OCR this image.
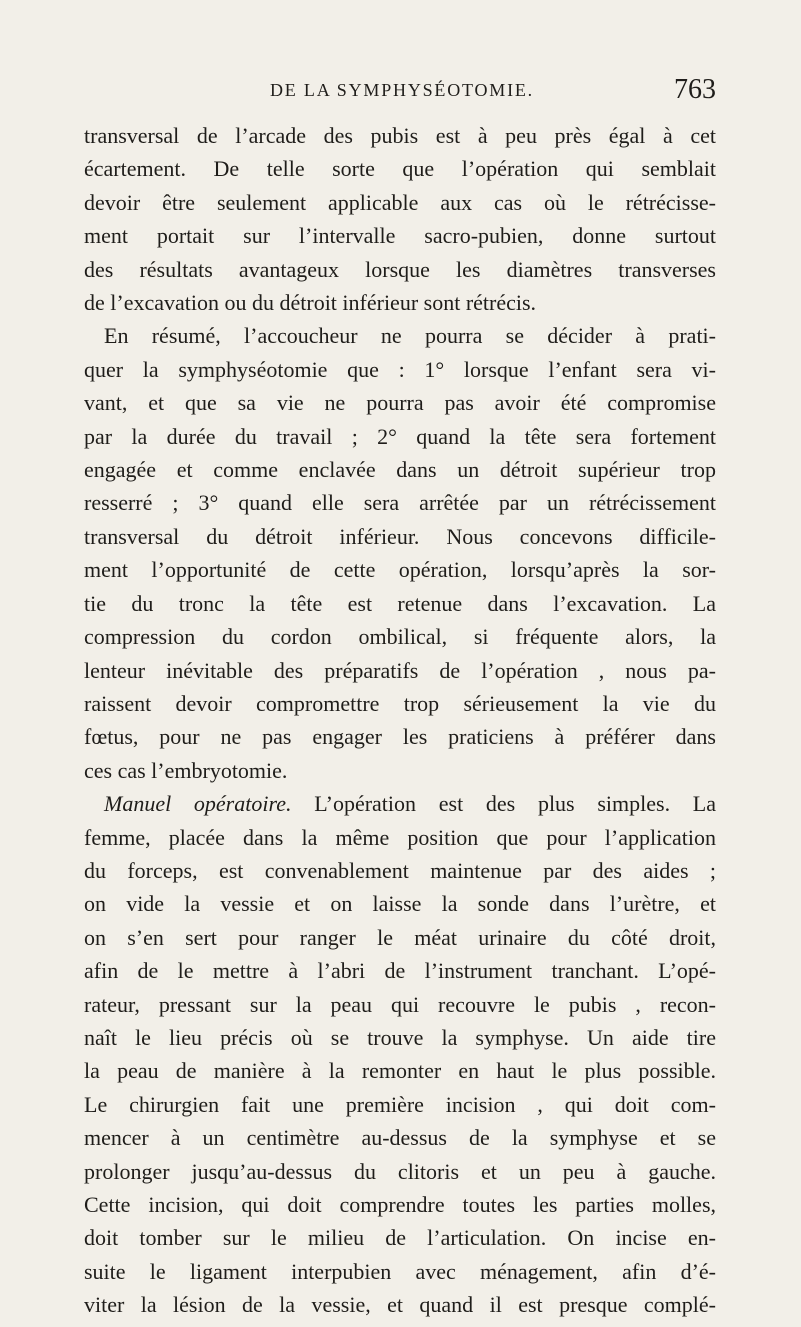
DE LA SYMPHYSÉOTOMIE.	763
transversal de l’arcade des pubis est à peu près égal à cet
écartement. De telle sorte que l’opération qui semblait
devoir être seulement applicable aux cas où le rétrécisse-
ment portait sur l’intervalle sacro-pubien, donne surtout
des résultats avantageux lorsque les diamètres transverses
de l’excavation ou du détroit inférieur sont rétrécis.
En résumé, l’accoucheur ne pourra se décider à prati-
quer la symphyséotomie que : 1° lorsque l’enfant sera vi-
vant, et que sa vie ne pourra pas avoir été compromise
par la durée du travail ; 2° quand la tête sera fortement
engagée et comme enclavée dans un détroit supérieur trop
resserré ; 3° quand elle sera arrêtée par un rétrécissement
transversal du détroit inférieur. Nous concevons difficile-
ment l’opportunité de cette opération, lorsqu’après la sor-
tie du tronc la tête est retenue dans l’excavation. La
compression du cordon ombilical, si fréquente alors, la
lenteur inévitable des préparatifs de l’opération , nous pa-
raissent devoir compromettre trop sérieusement la vie du
fœtus, pour ne pas engager les praticiens à préférer dans
ces cas l’embryotomie.
Manuel opératoire. L’opération est des plus simples. La
femme, placée dans la même position que pour l’application
du forceps, est convenablement maintenue par des aides ;
on vide la vessie et on laisse la sonde dans l’urètre, et
on s’en sert pour ranger le méat urinaire du côté droit,
afin de le mettre à l’abri de l’instrument tranchant. L’opé-
rateur, pressant sur la peau qui recouvre le pubis , recon-
naît le lieu précis où se trouve la symphyse. Un aide tire
la peau de manière à la remonter en haut le plus possible.
Le chirurgien fait une première incision , qui doit com-
mencer à un centimètre au-dessus de la symphyse et se
prolonger jusqu’au-dessus du clitoris et un peu à gauche.
Cette incision, qui doit comprendre toutes les parties molles,
doit tomber sur le milieu de l’articulation. On incise en-
suite le ligament interpubien avec ménagement, afin d’é-
viter la lésion de la vessie, et quand il est presque complé-
